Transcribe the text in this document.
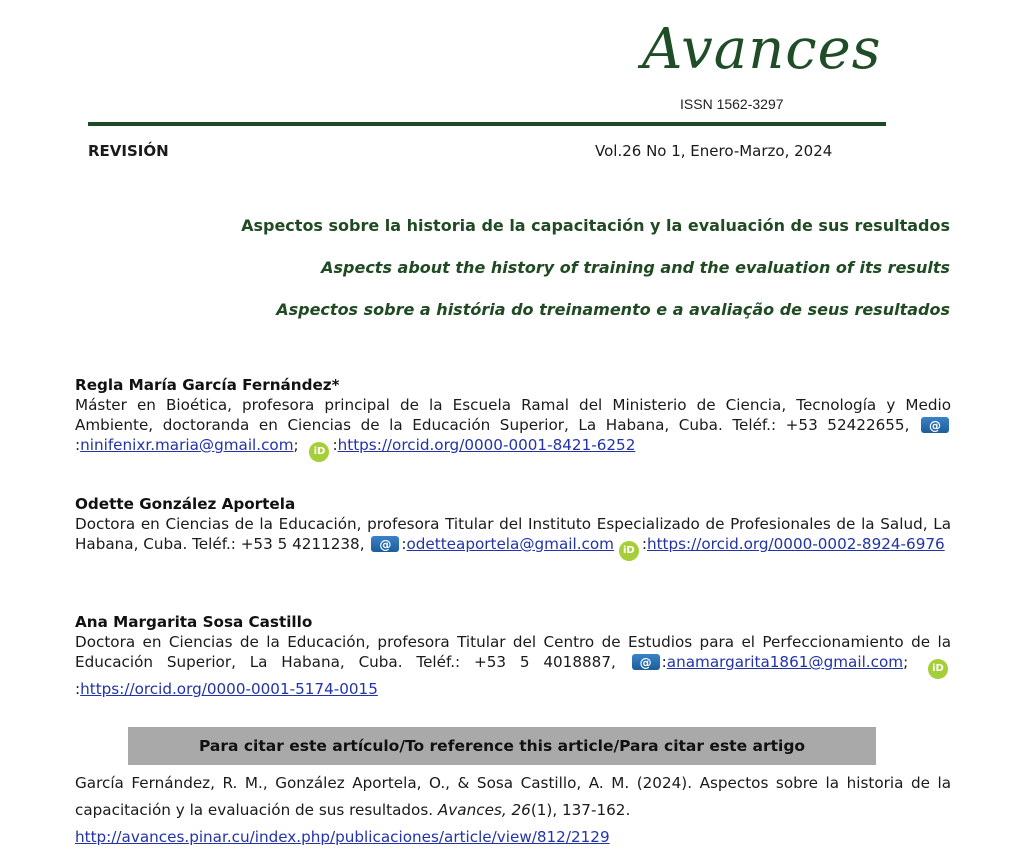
Avances
ISSN 1562-3297
REVISIÓN	Vol.26 No 1, Enero-Marzo, 2024
Aspectos sobre la historia de la capacitación y la evaluación de sus resultados
Aspects about the history of training and the evaluation of its results
Aspectos sobre a história do treinamento e a avaliação de seus resultados
Regla María García Fernández*
Máster en Bioética, profesora principal de la Escuela Ramal del Ministerio de Ciencia, Tecnología y Medio Ambiente, doctoranda en Ciencias de la Educación Superior, La Habana, Cuba. Teléf.: +53 52422655, @:ninifenixr.maria@gmail.com; iD :https://orcid.org/0000-0001-8421-6252
Odette González Aportela
Doctora en Ciencias de la Educación, profesora Titular del Instituto Especializado de Profesionales de la Salud, La Habana, Cuba. Teléf.: +53 5 4211238, @ :odetteaportela@gmail.com iD :https://orcid.org/0000-0002-8924-6976
Ana Margarita Sosa Castillo
Doctora en Ciencias de la Educación, profesora Titular del Centro de Estudios para el Perfeccionamiento de la Educación Superior, La Habana, Cuba. Teléf.: +53 5 4018887, @	:anamargarita1861@gmail.com; iD:https://orcid.org/0000-0001-5174-0015
Para citar este artículo/To reference this article/Para citar este artigo
García Fernández, R. M., González Aportela, O., & Sosa Castillo, A. M. (2024). Aspectos sobre la historia de la capacitación y la evaluación de sus resultados. Avances, 26(1), 137-162.
http://avances.pinar.cu/index.php/publicaciones/article/view/812/2129
